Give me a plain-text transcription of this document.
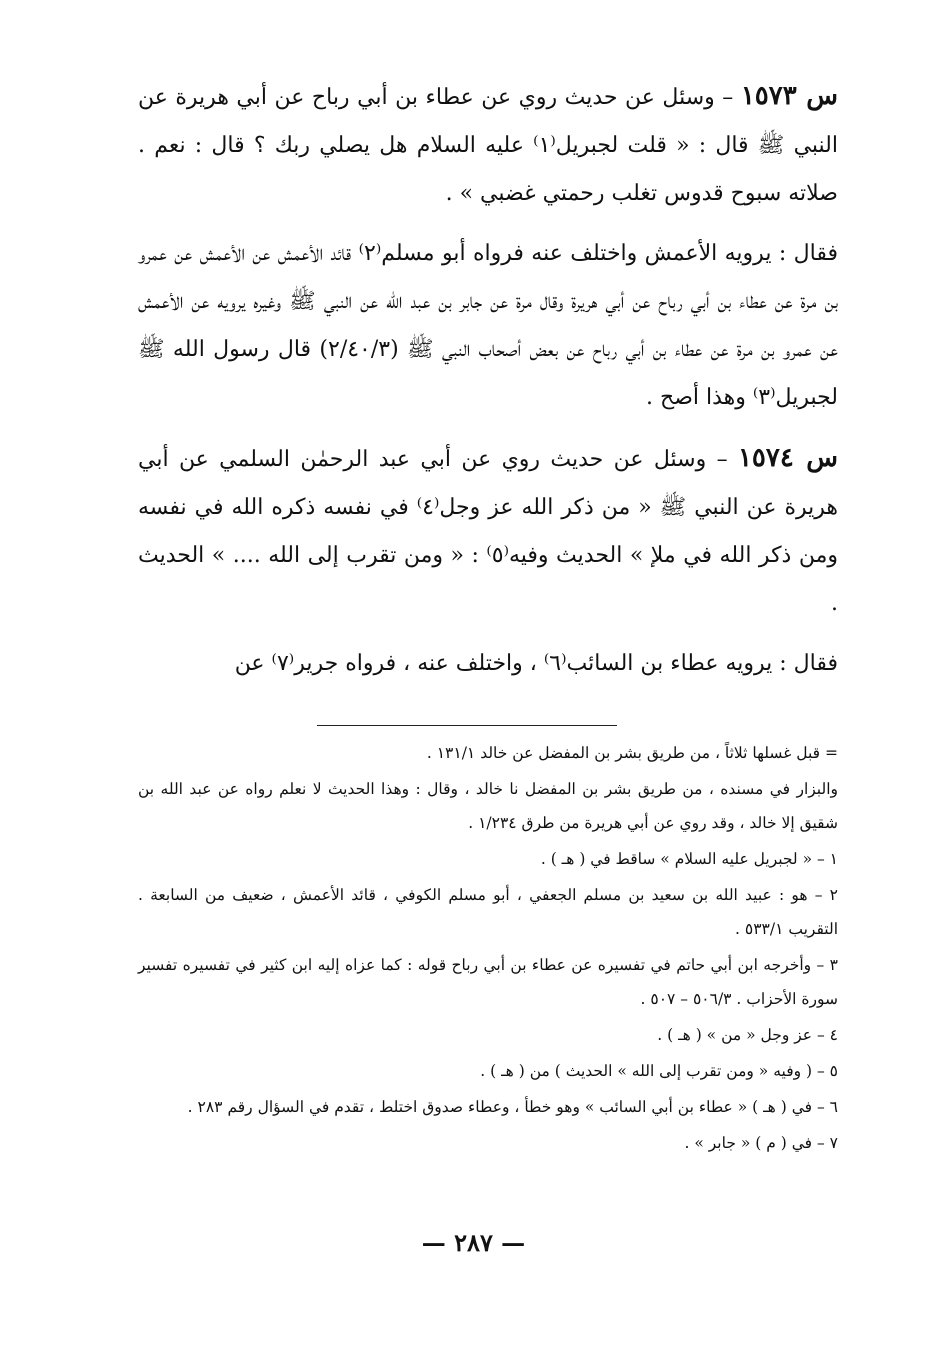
س ١٥٧٣ – وسئل عن حديث روي عن عطاء بن أبي رباح عن أبي هريرة عن النبي ﷺ قال : « قلت لجبريل⁽١⁾ عليه السلام هل يصلي ربك ؟ قال : نعم . صلاته سبوح قدوس تغلب رحمتي غضبي » .

فقال : يرويه الأعمش واختلف عنه فرواه أبو مسلم⁽٢⁾ قائد الأعمش عن الأعمش عن عمرو بن مرة عن عطاء بن أبي رباح عن أبي هريرة وقال مرة عن جابر بن عبد الله عن النبي ﷺ وغيره يرويه عن الأعمش عن عمرو بن مرة عن عطاء بن أبي رباح عن بعض أصحاب النبي ﷺ (٢/٤٠/٣) قال رسول الله ﷺ لجبريل⁽٣⁾ وهذا أصح .

س ١٥٧٤ – وسئل عن حديث روي عن أبي عبد الرحمٰن السلمي عن أبي هريرة عن النبي ﷺ « من ذكر الله عز وجل⁽٤⁾ في نفسه ذكره الله في نفسه ومن ذكر الله في ملإ » الحديث وفيه⁽٥⁾ : « ومن تقرب إلى الله .... » الحديث .

فقال : يرويه عطاء بن السائب⁽٦⁾ ، واختلف عنه ، فرواه جرير⁽٧⁾ عن

= قبل غسلها ثلاثاً ، من طريق بشر بن المفضل عن خالد ١٣١/١ .

والبزار في مسنده ، من طريق بشر بن المفضل نا خالد ، وقال : وهذا الحديث لا نعلم رواه عن عبد الله بن شقيق إلا خالد ، وقد روي عن أبي هريرة من طرق ١/٢٣٤ .

١ – « لجبريل عليه السلام » ساقط في ( هـ ) .

٢ – هو : عبيد الله بن سعيد بن مسلم الجعفي ، أبو مسلم الكوفي ، قائد الأعمش ، ضعيف من السابعة . التقريب ٥٣٣/١ .

٣ – وأخرجه ابن أبي حاتم في تفسيره عن عطاء بن أبي رباح قوله : كما عزاه إليه ابن كثير في تفسيره تفسير سورة الأحزاب . ٥٠٦/٣ – ٥٠٧ .

٤ – عز وجل « من » ( هـ ) .

٥ – ( وفيه « ومن تقرب إلى الله » الحديث ) من ( هـ ) .

٦ – في ( هـ ) « عطاء بن أبي السائب » وهو خطأ ، وعطاء صدوق اختلط ، تقدم في السؤال رقم ٢٨٣ .

٧ – في ( م ) « جابر » .

— ٢٨٧ —
